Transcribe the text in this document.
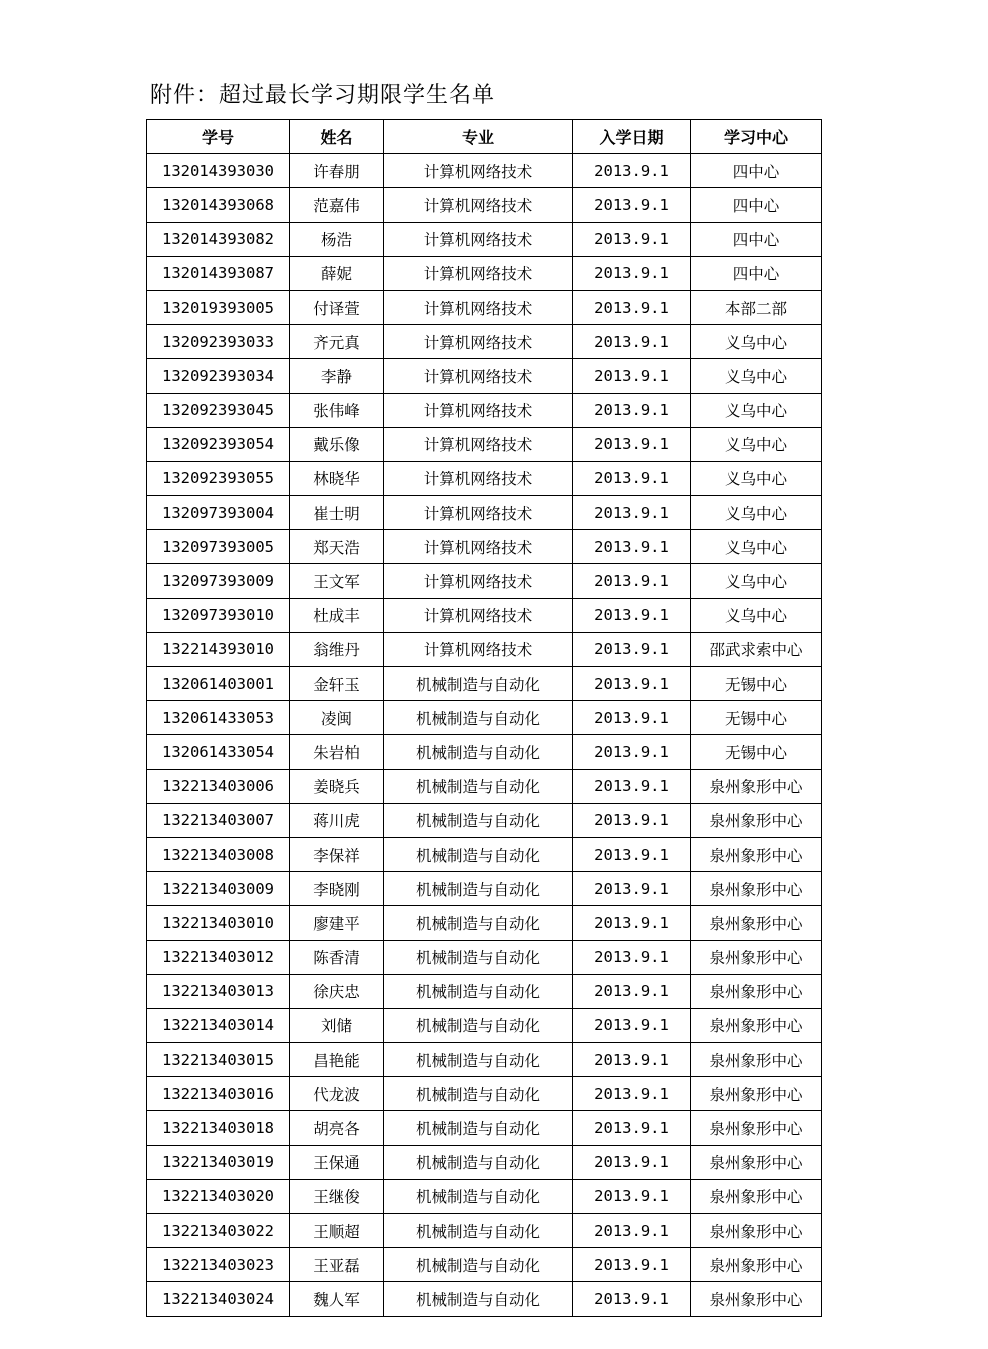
附件：超过最长学习期限学生名单
学号	姓名	专业	入学日期	学习中心
132014393030	许春朋	计算机网络技术	2013.9.1	四中心
132014393068	范嘉伟	计算机网络技术	2013.9.1	四中心
132014393082	杨浩	计算机网络技术	2013.9.1	四中心
132014393087	薛妮	计算机网络技术	2013.9.1	四中心
132019393005	付译萱	计算机网络技术	2013.9.1	本部二部
132092393033	齐元真	计算机网络技术	2013.9.1	义乌中心
132092393034	李静	计算机网络技术	2013.9.1	义乌中心
132092393045	张伟峰	计算机网络技术	2013.9.1	义乌中心
132092393054	戴乐像	计算机网络技术	2013.9.1	义乌中心
132092393055	林晓华	计算机网络技术	2013.9.1	义乌中心
132097393004	崔士明	计算机网络技术	2013.9.1	义乌中心
132097393005	郑天浩	计算机网络技术	2013.9.1	义乌中心
132097393009	王文军	计算机网络技术	2013.9.1	义乌中心
132097393010	杜成丰	计算机网络技术	2013.9.1	义乌中心
132214393010	翁维丹	计算机网络技术	2013.9.1	邵武求索中心
132061403001	金轩玉	机械制造与自动化	2013.9.1	无锡中心
132061433053	凌闽	机械制造与自动化	2013.9.1	无锡中心
132061433054	朱岩柏	机械制造与自动化	2013.9.1	无锡中心
132213403006	姜晓兵	机械制造与自动化	2013.9.1	泉州象形中心
132213403007	蒋川虎	机械制造与自动化	2013.9.1	泉州象形中心
132213403008	李保祥	机械制造与自动化	2013.9.1	泉州象形中心
132213403009	李晓刚	机械制造与自动化	2013.9.1	泉州象形中心
132213403010	廖建平	机械制造与自动化	2013.9.1	泉州象形中心
132213403012	陈香清	机械制造与自动化	2013.9.1	泉州象形中心
132213403013	徐庆忠	机械制造与自动化	2013.9.1	泉州象形中心
132213403014	刘储	机械制造与自动化	2013.9.1	泉州象形中心
132213403015	昌艳能	机械制造与自动化	2013.9.1	泉州象形中心
132213403016	代龙波	机械制造与自动化	2013.9.1	泉州象形中心
132213403018	胡亮各	机械制造与自动化	2013.9.1	泉州象形中心
132213403019	王保通	机械制造与自动化	2013.9.1	泉州象形中心
132213403020	王继俊	机械制造与自动化	2013.9.1	泉州象形中心
132213403022	王顺超	机械制造与自动化	2013.9.1	泉州象形中心
132213403023	王亚磊	机械制造与自动化	2013.9.1	泉州象形中心
132213403024	魏人军	机械制造与自动化	2013.9.1	泉州象形中心
